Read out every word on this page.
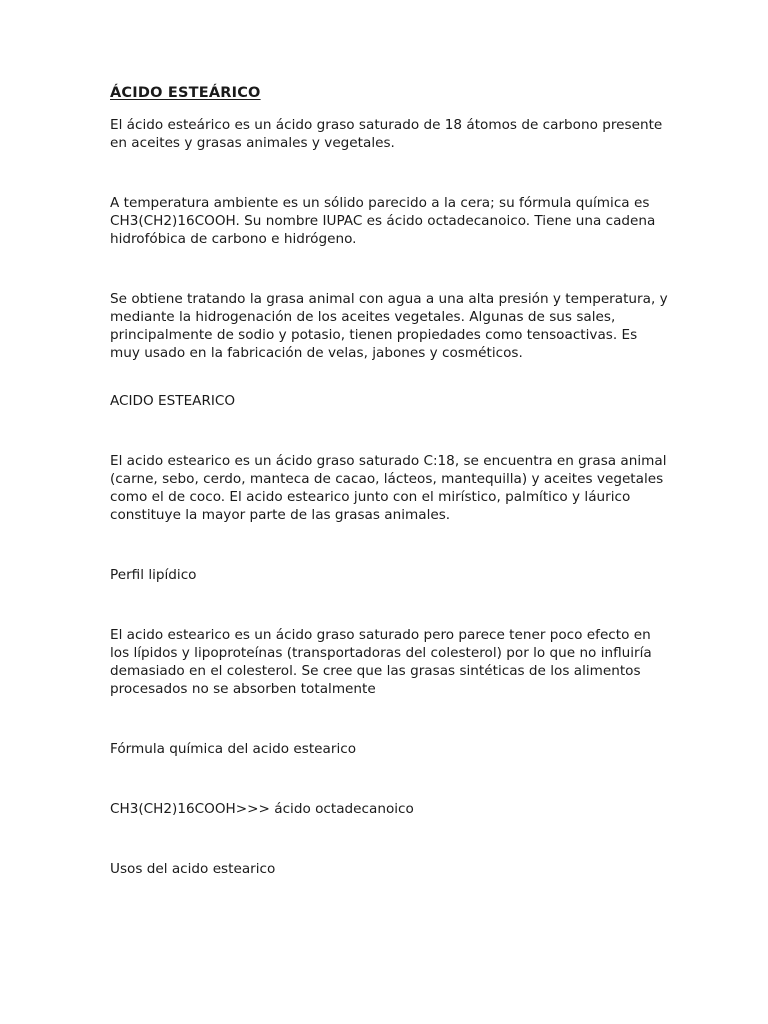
ÁCIDO ESTEÁRICO

El ácido esteárico es un ácido graso saturado de 18 átomos de carbono presente en aceites y grasas animales y vegetales.

A temperatura ambiente es un sólido parecido a la cera; su fórmula química es CH3(CH2)16COOH. Su nombre IUPAC es ácido octadecanoico. Tiene una cadena hidrofóbica de carbono e hidrógeno.

Se obtiene tratando la grasa animal con agua a una alta presión y temperatura, y mediante la hidrogenación de los aceites vegetales. Algunas de sus sales, principalmente de sodio y potasio, tienen propiedades como tensoactivas. Es muy usado en la fabricación de velas, jabones y cosméticos.

ACIDO ESTEARICO

El acido estearico es un ácido graso saturado C:18, se encuentra en grasa animal (carne, sebo, cerdo, manteca de cacao, lácteos, mantequilla) y aceites vegetales como el de coco. El acido estearico junto con el mirístico, palmítico y láurico constituye la mayor parte de las grasas animales.

Perfil lipídico

El acido estearico es un ácido graso saturado pero parece tener poco efecto en los lípidos y lipoproteínas (transportadoras del colesterol) por lo que no influiría demasiado en el colesterol. Se cree que las grasas sintéticas de los alimentos procesados no se absorben totalmente

Fórmula química del acido estearico

CH3(CH2)16COOH>>> ácido octadecanoico

Usos del acido estearico
